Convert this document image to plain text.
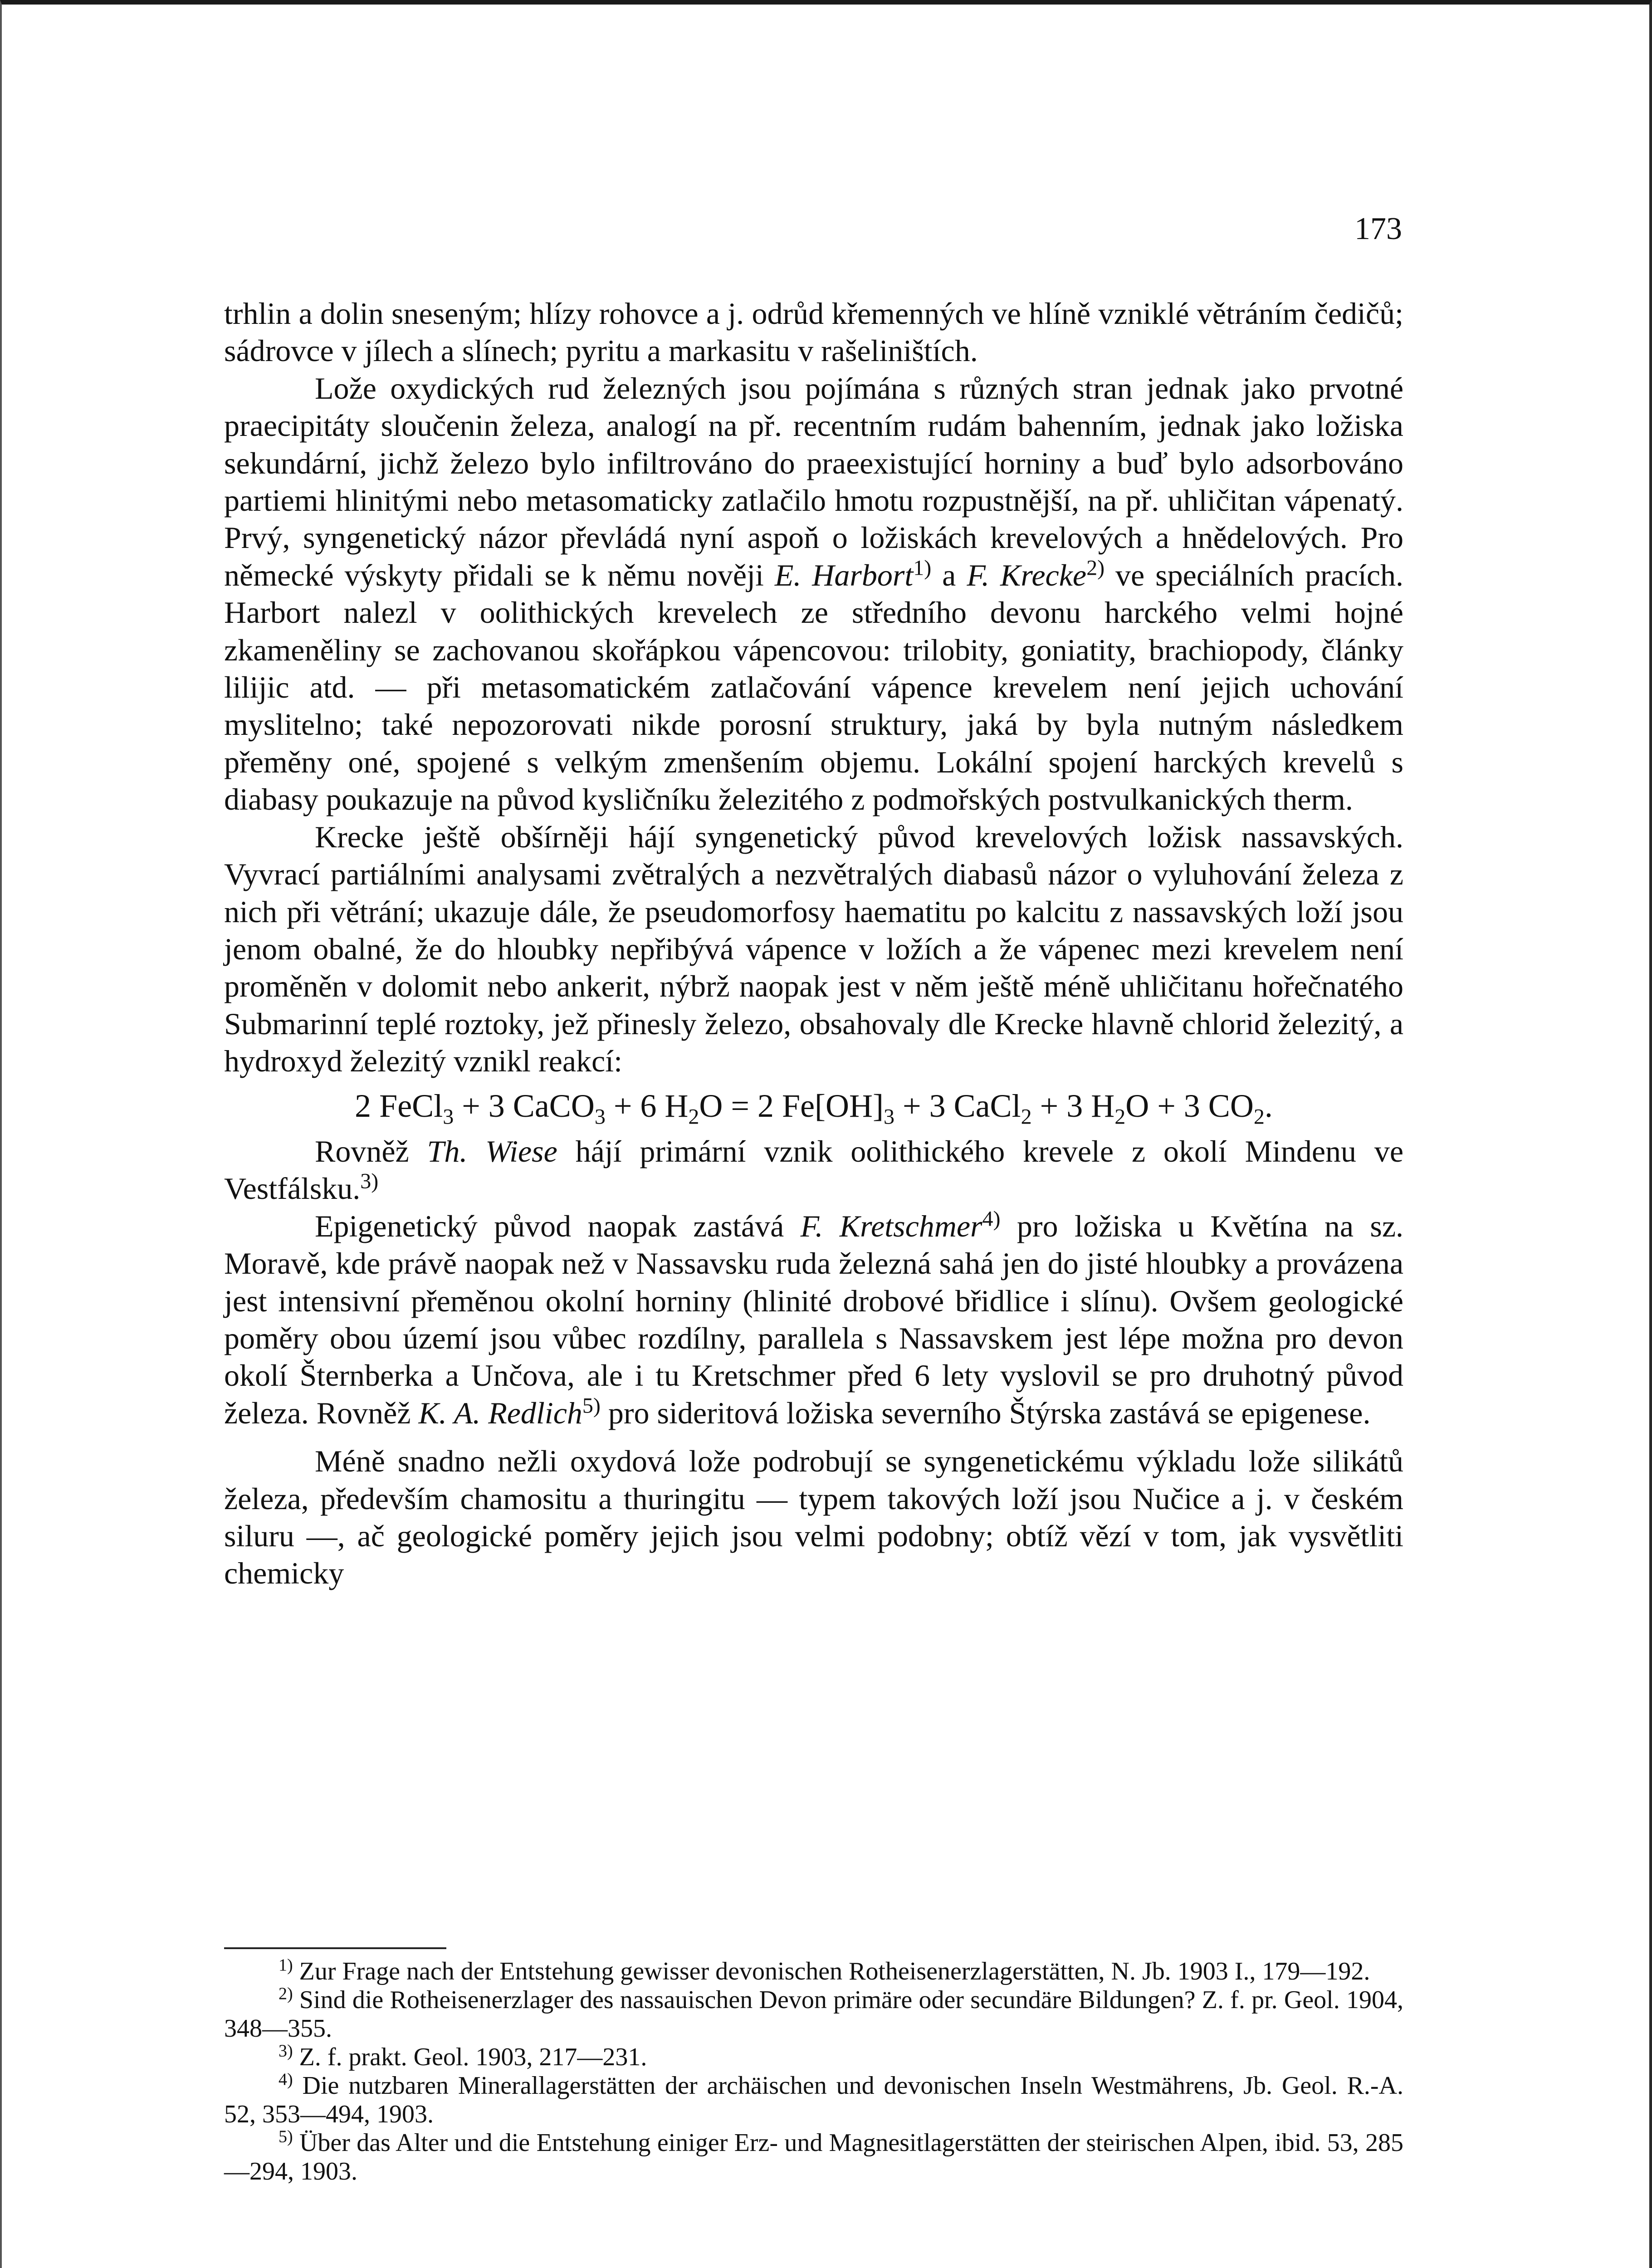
173

trhlin a dolin sneseným; hlízy rohovce a j. odrůd křemenných ve hlíně vzniklé větráním čedičů; sádrovce v jílech a slínech; pyritu a markasitu v rašeliništích.

Lože oxydických rud železných jsou pojímána s různých stran jednak jako prvotné praecipitáty sloučenin železa, analogí na př. recentním rudám bahenním, jednak jako ložiska sekundární, jichž železo bylo infiltrováno do praeexistující horniny a buď bylo adsorbováno partiemi hlinitými nebo metasomaticky zatlačilo hmotu rozpustnější, na př. uhličitan vápenatý. Prvý, syngenetický názor převládá nyní aspoň o ložiskách krevelových a hnědelových. Pro německé výskyty přidali se k němu nověji E. Harbort$^{1)}$ a F. Krecke$^{2)}$ ve speciálních pracích. Harbort nalezl v oolithických krevelech ze středního devonu harckého velmi hojné zkameněliny se zachovanou skořápkou vápencovou: trilobity, goniatity, brachiopody, články lilijic atd. — při metasomatickém zatlačování vápence krevelem není jejich uchování myslitelno; také nepozorovati nikde porosní struktury, jaká by byla nutným následkem přeměny oné, spojené s velkým zmenšením objemu. Lokální spojení harckých krevelů s diabasy poukazuje na původ kysličníku železitého z podmořských postvulkanických therm.

Krecke ještě obšírněji hájí syngenetický původ krevelových ložisk nassavských. Vyvrací partiálními analysami zvětralých a nezvětralých diabasů názor o vyluhování železa z nich při větrání; ukazuje dále, že pseudomorfosy haematitu po kalcitu z nassavských loží jsou jenom obalné, že do hloubky nepřibývá vápence v ložích a že vápenec mezi krevelem není proměněn v dolomit nebo ankerit, nýbrž naopak jest v něm ještě méně uhličitanu hořečnatého Submarinní teplé roztoky, jež přinesly železo, obsahovaly dle Krecke hlavně chlorid železitý, a hydroxyd železitý vznikl reakcí:

2 FeCl$_3$ + 3 CaCO$_3$ + 6 $H_2O = 2$ $Fe[OH]_3 + 3$ CaCl$_2$ + 3 $H_2O + 3$ $CO_2$.

Rovněž Th. Wiese hájí primární vznik oolithického krevele z okolí Mindenu ve Vestfálsku.$^{3)}$

Epigenetický původ naopak zastává F. Kretschmer$^{4)}$ pro ložiska u Květína na sz. Moravě, kde právě naopak než v Nassavsku ruda železná sahá jen do jisté hloubky a provázena jest intensivní přeměnou okolní horniny (hlinité drobové břidlice i slínu). Ovšem geologické poměry obou území jsou vůbec rozdílny, parallela s Nassavskem jest lépe možna pro devon okolí Šternberka a Unčova, ale i tu Kretschmer před 6 lety vyslovil se pro druhotný původ železa. Rovněž K. A. Redlich$^{5)}$ pro sideritová ložiska severního Štýrska zastává se epigenese.

Méně snadno nežli oxydová lože podrobují se syngenetickému výkladu lože silikátů železa, především chamositu a thuringitu — typem takových loží jsou Nučice a j. v českém siluru —, ač geologické poměry jejich jsou velmi podobny; obtíž vězí v tom, jak vysvětliti chemicky

$^{1)}$ Zur Frage nach der Entstehung gewisser devonischen Rotheisenerzlagerstätten, N. Jb. 1903 I., 179—192.

$^{2)}$ Sind die Rotheisenerzlager des nassauischen Devon primäre oder secundäre Bildungen? Z. f. pr. Geol. 1904, 348—355.

$^{3)}$ Z. f. prakt. Geol. 1903, 217—231.

$^{4)}$ Die nutzbaren Minerallagerstätten der archäischen und devonischen Inseln Westmährens, Jb. Geol. R.-A. 52, 353—494, 1903.

$^{5)}$ Über das Alter und die Entstehung einiger Erz- und Magnesitlagerstätten der steirischen Alpen, ibid. 53, 285—294, 1903.
